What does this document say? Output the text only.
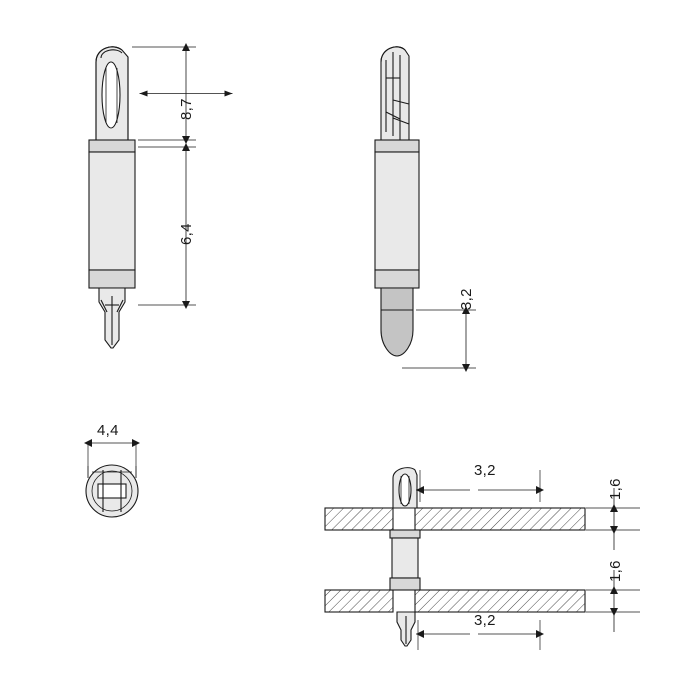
8,7
6,4
3,2
4,4
3,2
1,6
1,6
3,2
